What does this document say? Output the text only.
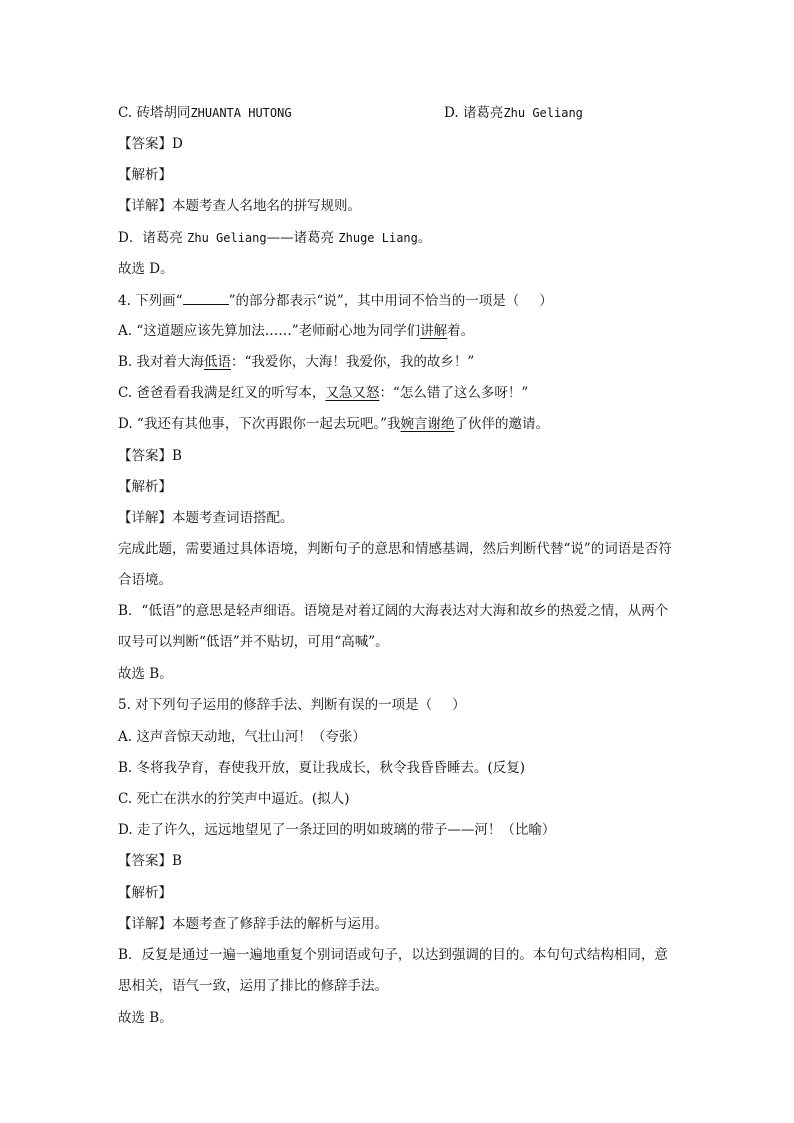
C. 砖塔胡同ZHUANTA HUTONG	D. 诸葛亮Zhu Geliang
【答案】D
【解析】
【详解】本题考查人名地名的拼写规则。
D．诸葛亮 Zhu Geliang——诸葛亮 Zhuge Liang。
故选 D。
4. 下列画“	”的部分都表示“说”，其中用词不恰当的一项是（ ）
A. “这道题应该先算加法……”老师耐心地为同学们讲解着。
B. 我对着大海低语：“我爱你，大海！我爱你，我的故乡！”
C. 爸爸看看我满是红叉的听写本，又急又怒：“怎么错了这么多呀！”
D. “我还有其他事，下次再跟你一起去玩吧。”我婉言谢绝了伙伴的邀请。
【答案】B
【解析】
【详解】本题考查词语搭配。
完成此题，需要通过具体语境，判断句子的意思和情感基调，然后判断代替“说”的词语是否符合语境。
B．“低语”的意思是轻声细语。语境是对着辽阔的大海表达对大海和故乡的热爱之情，从两个叹号可以判断“低语”并不贴切，可用“高喊”。
故选 B。
5. 对下列句子运用的修辞手法、判断有误的一项是（ ）
A. 这声音惊天动地，气壮山河！（夸张）
B. 冬将我孕育，春使我开放，夏让我成长，秋令我昏昏睡去。(反复)
C. 死亡在洪水的狞笑声中逼近。(拟人)
D. 走了许久，远远地望见了一条迂回的明如玻璃的带子——河！（比喻）
【答案】B
【解析】
【详解】本题考查了修辞手法的解析与运用。
B．反复是通过一遍一遍地重复个别词语或句子，以达到强调的目的。本句句式结构相同，意思相关，语气一致，运用了排比的修辞手法。
故选 B。
